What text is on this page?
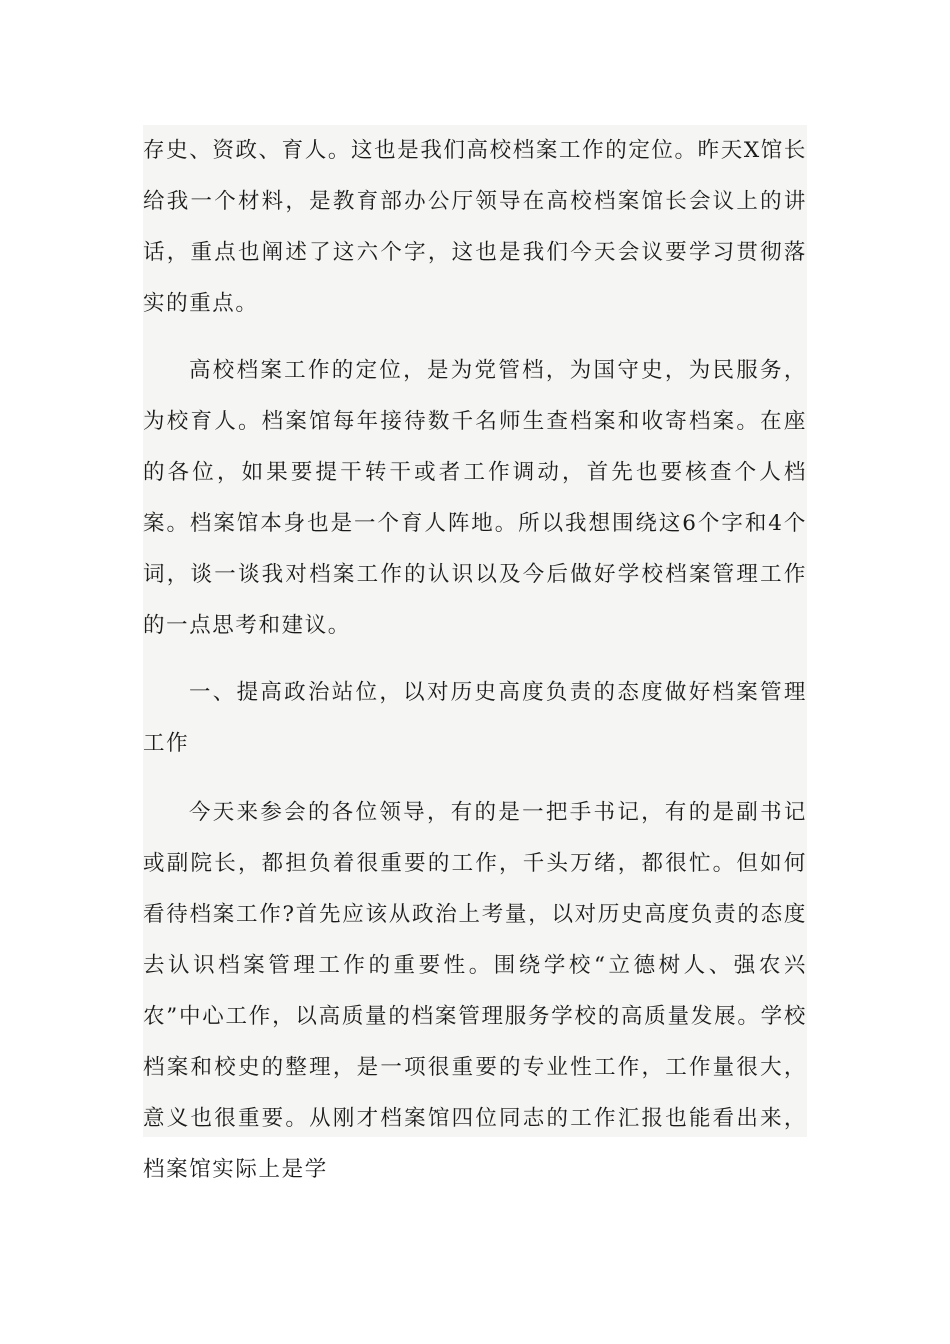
存史、资政、育人。这也是我们高校档案工作的定位。昨天X馆长给我一个材料，是教育部办公厅领导在高校档案馆长会议上的讲话，重点也阐述了这六个字，这也是我们今天会议要学习贯彻落实的重点。

高校档案工作的定位，是为党管档，为国守史，为民服务，为校育人。档案馆每年接待数千名师生查档案和收寄档案。在座的各位，如果要提干转干或者工作调动，首先也要核查个人档案。档案馆本身也是一个育人阵地。所以我想围绕这6个字和4个词，谈一谈我对档案工作的认识以及今后做好学校档案管理工作的一点思考和建议。

一、提高政治站位，以对历史高度负责的态度做好档案管理工作

今天来参会的各位领导，有的是一把手书记，有的是副书记或副院长，都担负着很重要的工作，千头万绪，都很忙。但如何看待档案工作?首先应该从政治上考量，以对历史高度负责的态度去认识档案管理工作的重要性。围绕学校“立德树人、强农兴农”中心工作，以高质量的档案管理服务学校的高质量发展。学校档案和校史的整理，是一项很重要的专业性工作，工作量很大，意义也很重要。从刚才档案馆四位同志的工作汇报也能看出来，档案馆实际上是学
